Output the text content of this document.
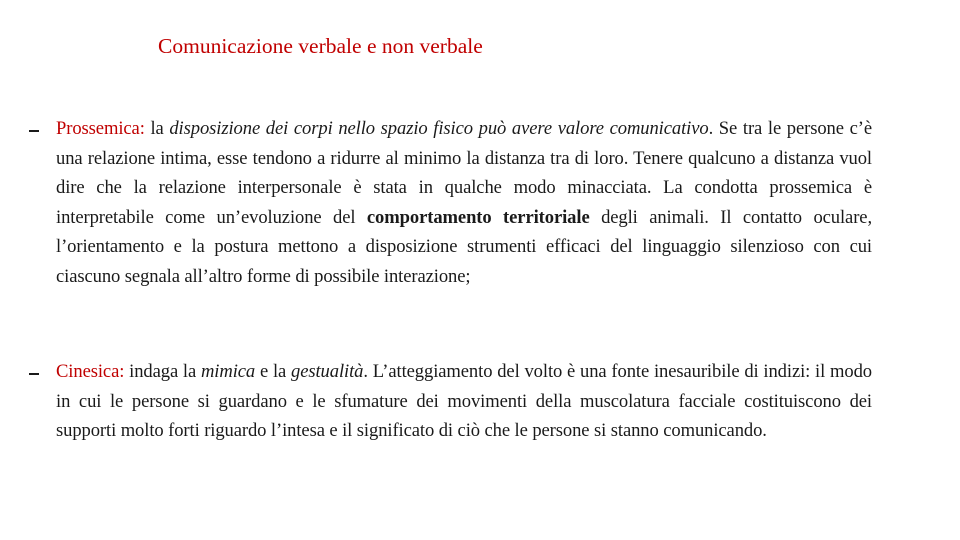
Comunicazione verbale e non verbale
Prossemica: la disposizione dei corpi nello spazio fisico può avere valore comunicativo. Se tra le persone c’è una relazione intima, esse tendono a ridurre al minimo la distanza tra di loro. Tenere qualcuno a distanza vuol dire che la relazione interpersonale è stata in qualche modo minacciata. La condotta prossemica è interpretabile come un’evoluzione del comportamento territoriale degli animali. Il contatto oculare, l’orientamento e la postura mettono a disposizione strumenti efficaci del linguaggio silenzioso con cui ciascuno segnala all’altro forme di possibile interazione;
Cinesica: indaga la mimica e la gestualità. L’atteggiamento del volto è una fonte inesauribile di indizi: il modo in cui le persone si guardano e le sfumature dei movimenti della muscolatura facciale costituiscono dei supporti molto forti riguardo l’intesa e il significato di ciò che le persone si stanno comunicando.
